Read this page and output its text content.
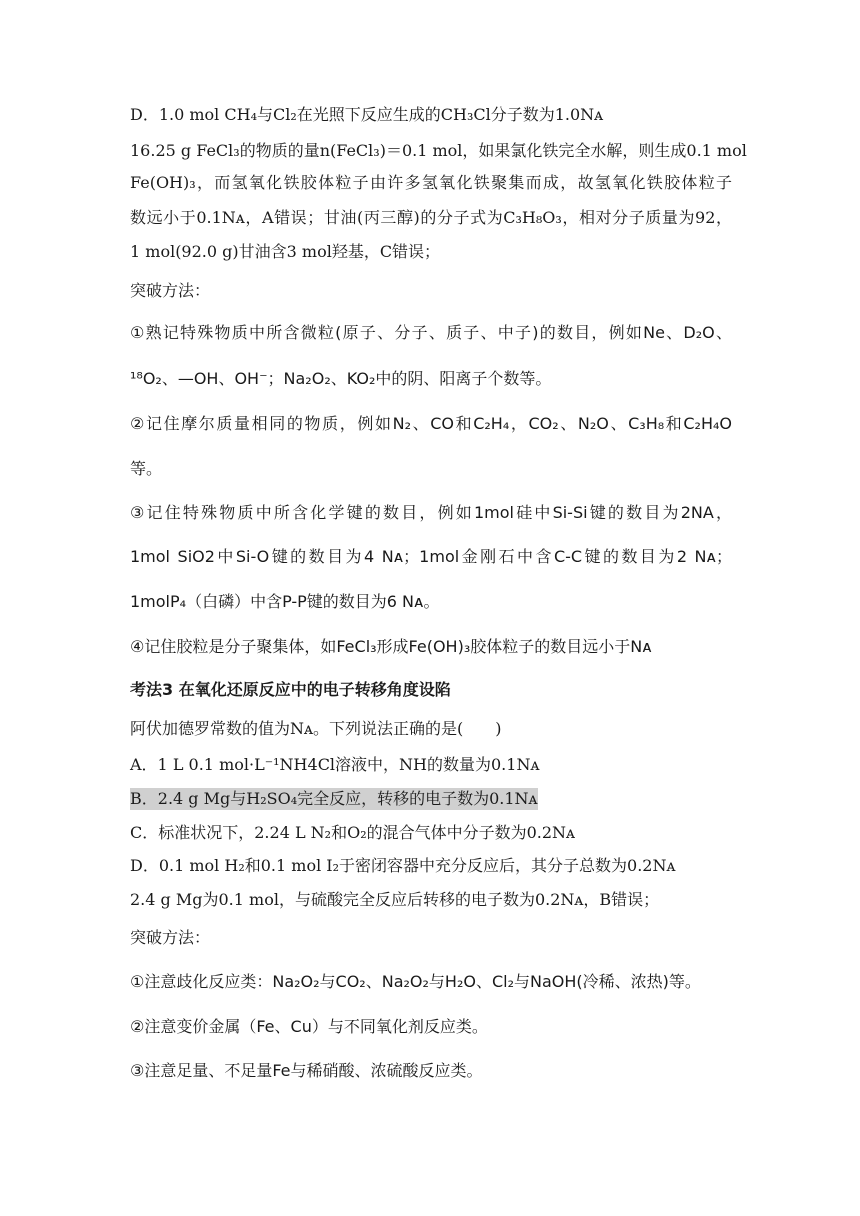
D．1.0 mol CH₄与Cl₂在光照下反应生成的CH₃Cl分子数为1.0Nᴀ
16.25 g FeCl₃的物质的量n(FeCl₃)＝0.1 mol，如果氯化铁完全水解，则生成0.1 mol
Fe(OH)₃，而氢氧化铁胶体粒子由许多氢氧化铁聚集而成，故氢氧化铁胶体粒子
数远小于0.1Nᴀ，A错误；甘油(丙三醇)的分子式为C₃H₈O₃，相对分子质量为92，
1 mol(92.0 g)甘油含3 mol羟基，C错误；
突破方法：
①熟记特殊物质中所含微粒(原子、分子、质子、中子)的数目，例如Ne、D₂O、
¹⁸O₂、—OH、OH⁻；Na₂O₂、KO₂中的阴、阳离子个数等。
②记住摩尔质量相同的物质，例如N₂、CO和C₂H₄，CO₂、N₂O、C₃H₈和C₂H₄O
等。
③记住特殊物质中所含化学键的数目，例如1mol硅中Si-Si键的数目为2NA，
1mol SiO2中Si-O键的数目为4 Nᴀ；1mol金刚石中含C-C键的数目为2 Nᴀ；
1molP₄（白磷）中含P-P键的数目为6 Nᴀ。
④记住胶粒是分子聚集体，如FeCl₃形成Fe(OH)₃胶体粒子的数目远小于Nᴀ
考法3 在氧化还原反应中的电子转移角度设陷
阿伏加德罗常数的值为Nᴀ。下列说法正确的是(　　)
A．1 L 0.1 mol·L⁻¹NH4Cl溶液中，NH的数量为0.1Nᴀ
B．2.4 g Mg与H₂SO₄完全反应，转移的电子数为0.1Nᴀ
C．标准状况下，2.24 L N₂和O₂的混合气体中分子数为0.2Nᴀ
D．0.1 mol H₂和0.1 mol I₂于密闭容器中充分反应后，其分子总数为0.2Nᴀ
2.4 g Mg为0.1 mol，与硫酸完全反应后转移的电子数为0.2Nᴀ，B错误；
突破方法：
①注意歧化反应类：Na₂O₂与CO₂、Na₂O₂与H₂O、Cl₂与NaOH(冷稀、浓热)等。
②注意变价金属（Fe、Cu）与不同氧化剂反应类。
③注意足量、不足量Fe与稀硝酸、浓硫酸反应类。
